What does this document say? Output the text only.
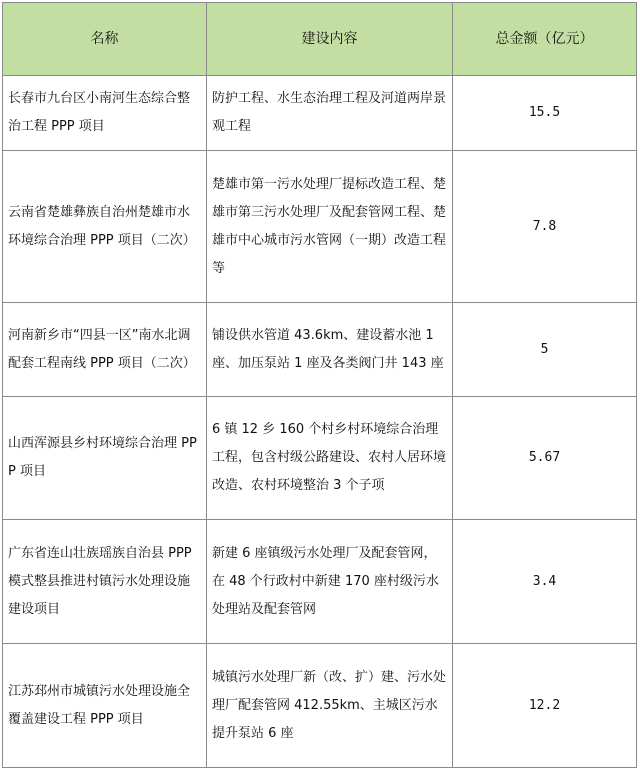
名称	建设内容	总金额（亿元）
长春市九台区小南河生态综合整治工程 PPP 项目	防护工程、水生态治理工程及河道两岸景观工程	15.5
云南省楚雄彝族自治州楚雄市水环境综合治理 PPP 项目（二次）	楚雄市第一污水处理厂提标改造工程、楚雄市第三污水处理厂及配套管网工程、楚雄市中心城市污水管网（一期）改造工程等	7.8
河南新乡市“四县一区”南水北调配套工程南线 PPP 项目（二次）	铺设供水管道 43.6km、建设蓄水池 1 座、加压泵站 1 座及各类阀门井 143 座	5
山西浑源县乡村环境综合治理 PPP 项目	6 镇 12 乡 160 个村乡村环境综合治理工程，包含村级公路建设、农村人居环境改造、农村环境整治 3 个子项	5.67
广东省连山壮族瑶族自治县 PPP 模式整县推进村镇污水处理设施建设项目	新建 6 座镇级污水处理厂及配套管网，在 48 个行政村中新建 170 座村级污水处理站及配套管网	3.4
江苏邳州市城镇污水处理设施全覆盖建设工程 PPP 项目	城镇污水处理厂新（改、扩）建、污水处理厂配套管网 412.55km、主城区污水提升泵站 6 座	12.2
